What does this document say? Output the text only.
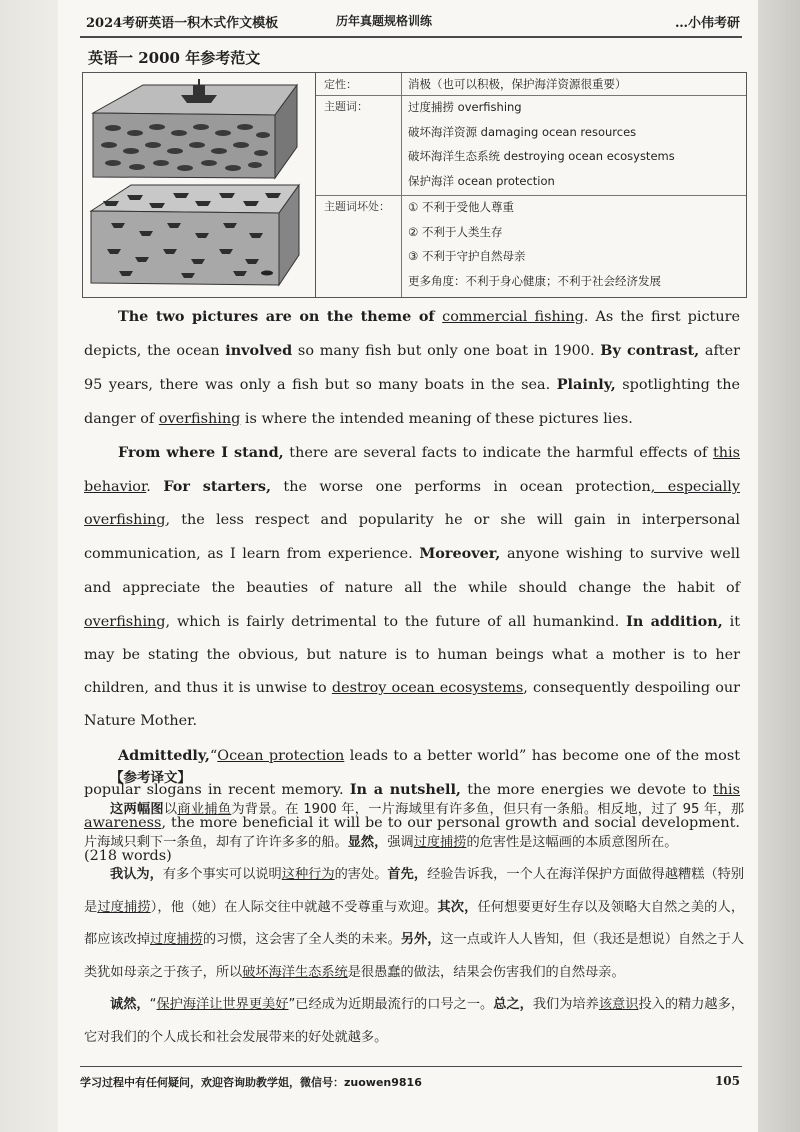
2024考研英语一积木式作文模板	历年真题规格训练	…小伟考研
英语一 2000 年参考范文
定性：	消极（也可以积极，保护海洋资源很重要）
主题词：	过度捕捞 overfishing
破坏海洋资源 damaging ocean resources
破坏海洋生态系统 destroying ocean ecosystems
保护海洋 ocean protection
主题词坏处：	① 不利于受他人尊重
② 不利于人类生存
③ 不利于守护自然母亲
更多角度：不利于身心健康；不利于社会经济发展

The two pictures are on the theme of commercial fishing. As the first picture depicts, the ocean involved so many fish but only one boat in 1900. By contrast, after 95 years, there was only a fish but so many boats in the sea. Plainly, spotlighting the danger of overfishing is where the intended meaning of these pictures lies.

From where I stand, there are several facts to indicate the harmful effects of this behavior. For starters, the worse one performs in ocean protection, especially overfishing, the less respect and popularity he or she will gain in interpersonal communication, as I learn from experience. Moreover, anyone wishing to survive well and appreciate the beauties of nature all the while should change the habit of overfishing, which is fairly detrimental to the future of all humankind. In addition, it may be stating the obvious, but nature is to human beings what a mother is to her children, and thus it is unwise to destroy ocean ecosystems, consequently despoiling our Nature Mother.

Admittedly,“Ocean protection leads to a better world” has become one of the most popular slogans in recent memory. In a nutshell, the more energies we devote to this awareness, the more beneficial it will be to our personal growth and social development. (218 words)

【参考译文】

这两幅图以商业捕鱼为背景。在 1900 年，一片海域里有许多鱼，但只有一条船。相反地，过了 95 年，那片海域只剩下一条鱼，却有了许许多多的船。显然，强调过度捕捞的危害性是这幅画的本质意图所在。

我认为，有多个事实可以说明这种行为的害处。首先，经验告诉我，一个人在海洋保护方面做得越糟糕（特别是过度捕捞），他（她）在人际交往中就越不受尊重与欢迎。其次，任何想要更好生存以及领略大自然之美的人，都应该改掉过度捕捞的习惯，这会害了全人类的未来。另外，这一点或许人人皆知，但（我还是想说）自然之于人类犹如母亲之于孩子，所以破坏海洋生态系统是很愚蠢的做法，结果会伤害我们的自然母亲。

诚然，“保护海洋让世界更美好”已经成为近期最流行的口号之一。总之，我们为培养该意识投入的精力越多，它对我们的个人成长和社会发展带来的好处就越多。

学习过程中有任何疑问，欢迎咨询助教学姐，微信号：zuowen9816	105
